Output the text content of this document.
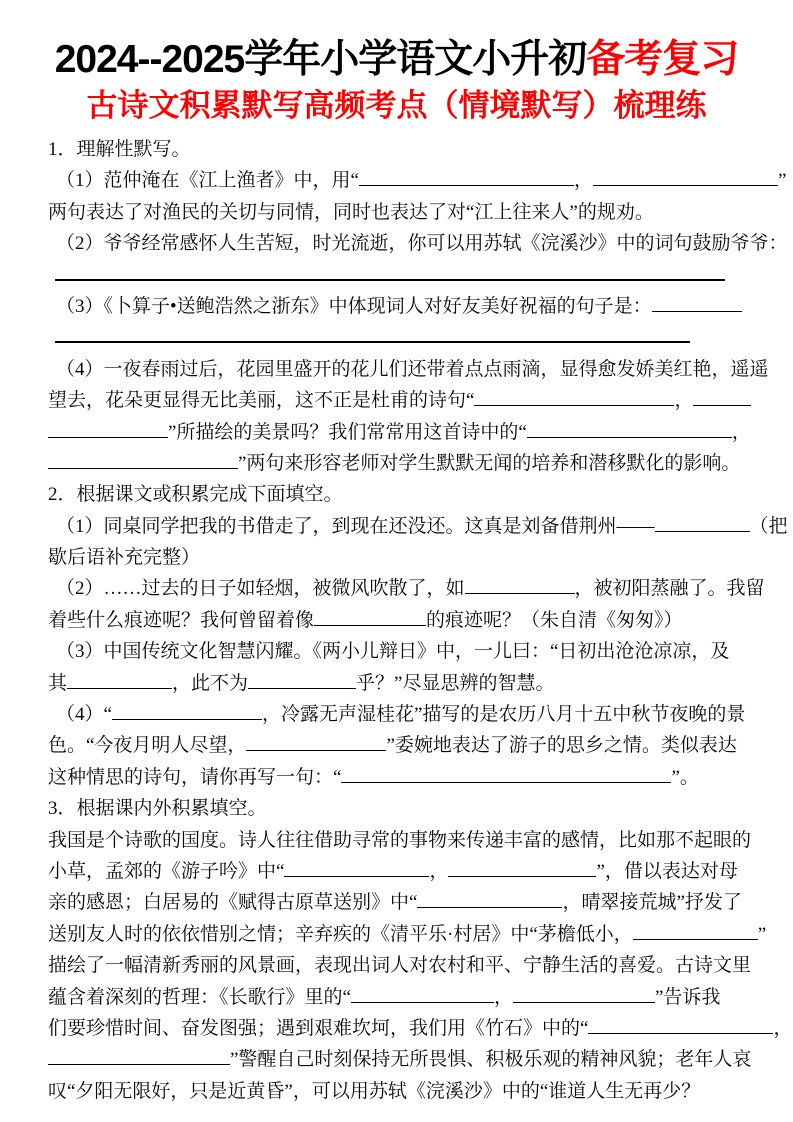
2024--2025学年小学语文小升初备考复习
古诗文积累默写高频考点（情境默写）梳理练
1．理解性默写。
（1）范仲淹在《江上渔者》中，用“	，	”
两句表达了对渔民的关切与同情，同时也表达了对“江上往来人”的规劝。
（2）爷爷经常感怀人生苦短，时光流逝，你可以用苏轼《浣溪沙》中的词句鼓励爷爷：
（3）《卜算子•送鲍浩然之浙东》中体现词人对好友美好祝福的句子是：
（4）一夜春雨过后，花园里盛开的花儿们还带着点点雨滴，显得愈发娇美红艳，遥遥
望去，花朵更显得无比美丽，这不正是杜甫的诗句“	，
”所描绘的美景吗？我们常常用这首诗中的“	，
”两句来形容老师对学生默默无闻的培养和潜移默化的影响。
2．根据课文或积累完成下面填空。
（1）同桌同学把我的书借走了，到现在还没还。这真是刘备借荆州——	（把
歇后语补充完整）
（2）……过去的日子如轻烟，被微风吹散了，如	，被初阳蒸融了。我留
着些什么痕迹呢？我何曾留着像	的痕迹呢？（朱自清《匆匆》）
（3）中国传统文化智慧闪耀。《两小儿辩日》中，一儿曰：“日初出沧沧凉凉，及
其	，此不为	乎？”尽显思辨的智慧。
（4）“	，冷露无声湿桂花”描写的是农历八月十五中秋节夜晚的景
色。“今夜月明人尽望，	”委婉地表达了游子的思乡之情。类似表达
这种情思的诗句，请你再写一句：“	”。
3．根据课内外积累填空。
我国是个诗歌的国度。诗人往往借助寻常的事物来传递丰富的感情，比如那不起眼的
小草，孟郊的《游子吟》中“	，	”，借以表达对母
亲的感恩；白居易的《赋得古原草送别》中“	，晴翠接荒城”抒发了
送别友人时的依依惜别之情；辛弃疾的《清平乐·村居》中“茅檐低小，	”
描绘了一幅清新秀丽的风景画，表现出词人对农村和平、宁静生活的喜爱。古诗文里
蕴含着深刻的哲理：《长歌行》里的“	，	”告诉我
们要珍惜时间、奋发图强；遇到艰难坎坷，我们用《竹石》中的“	，
”警醒自己时刻保持无所畏惧、积极乐观的精神风貌；老年人哀
叹“夕阳无限好，只是近黄昏”，可以用苏轼《浣溪沙》中的“谁道人生无再少？
